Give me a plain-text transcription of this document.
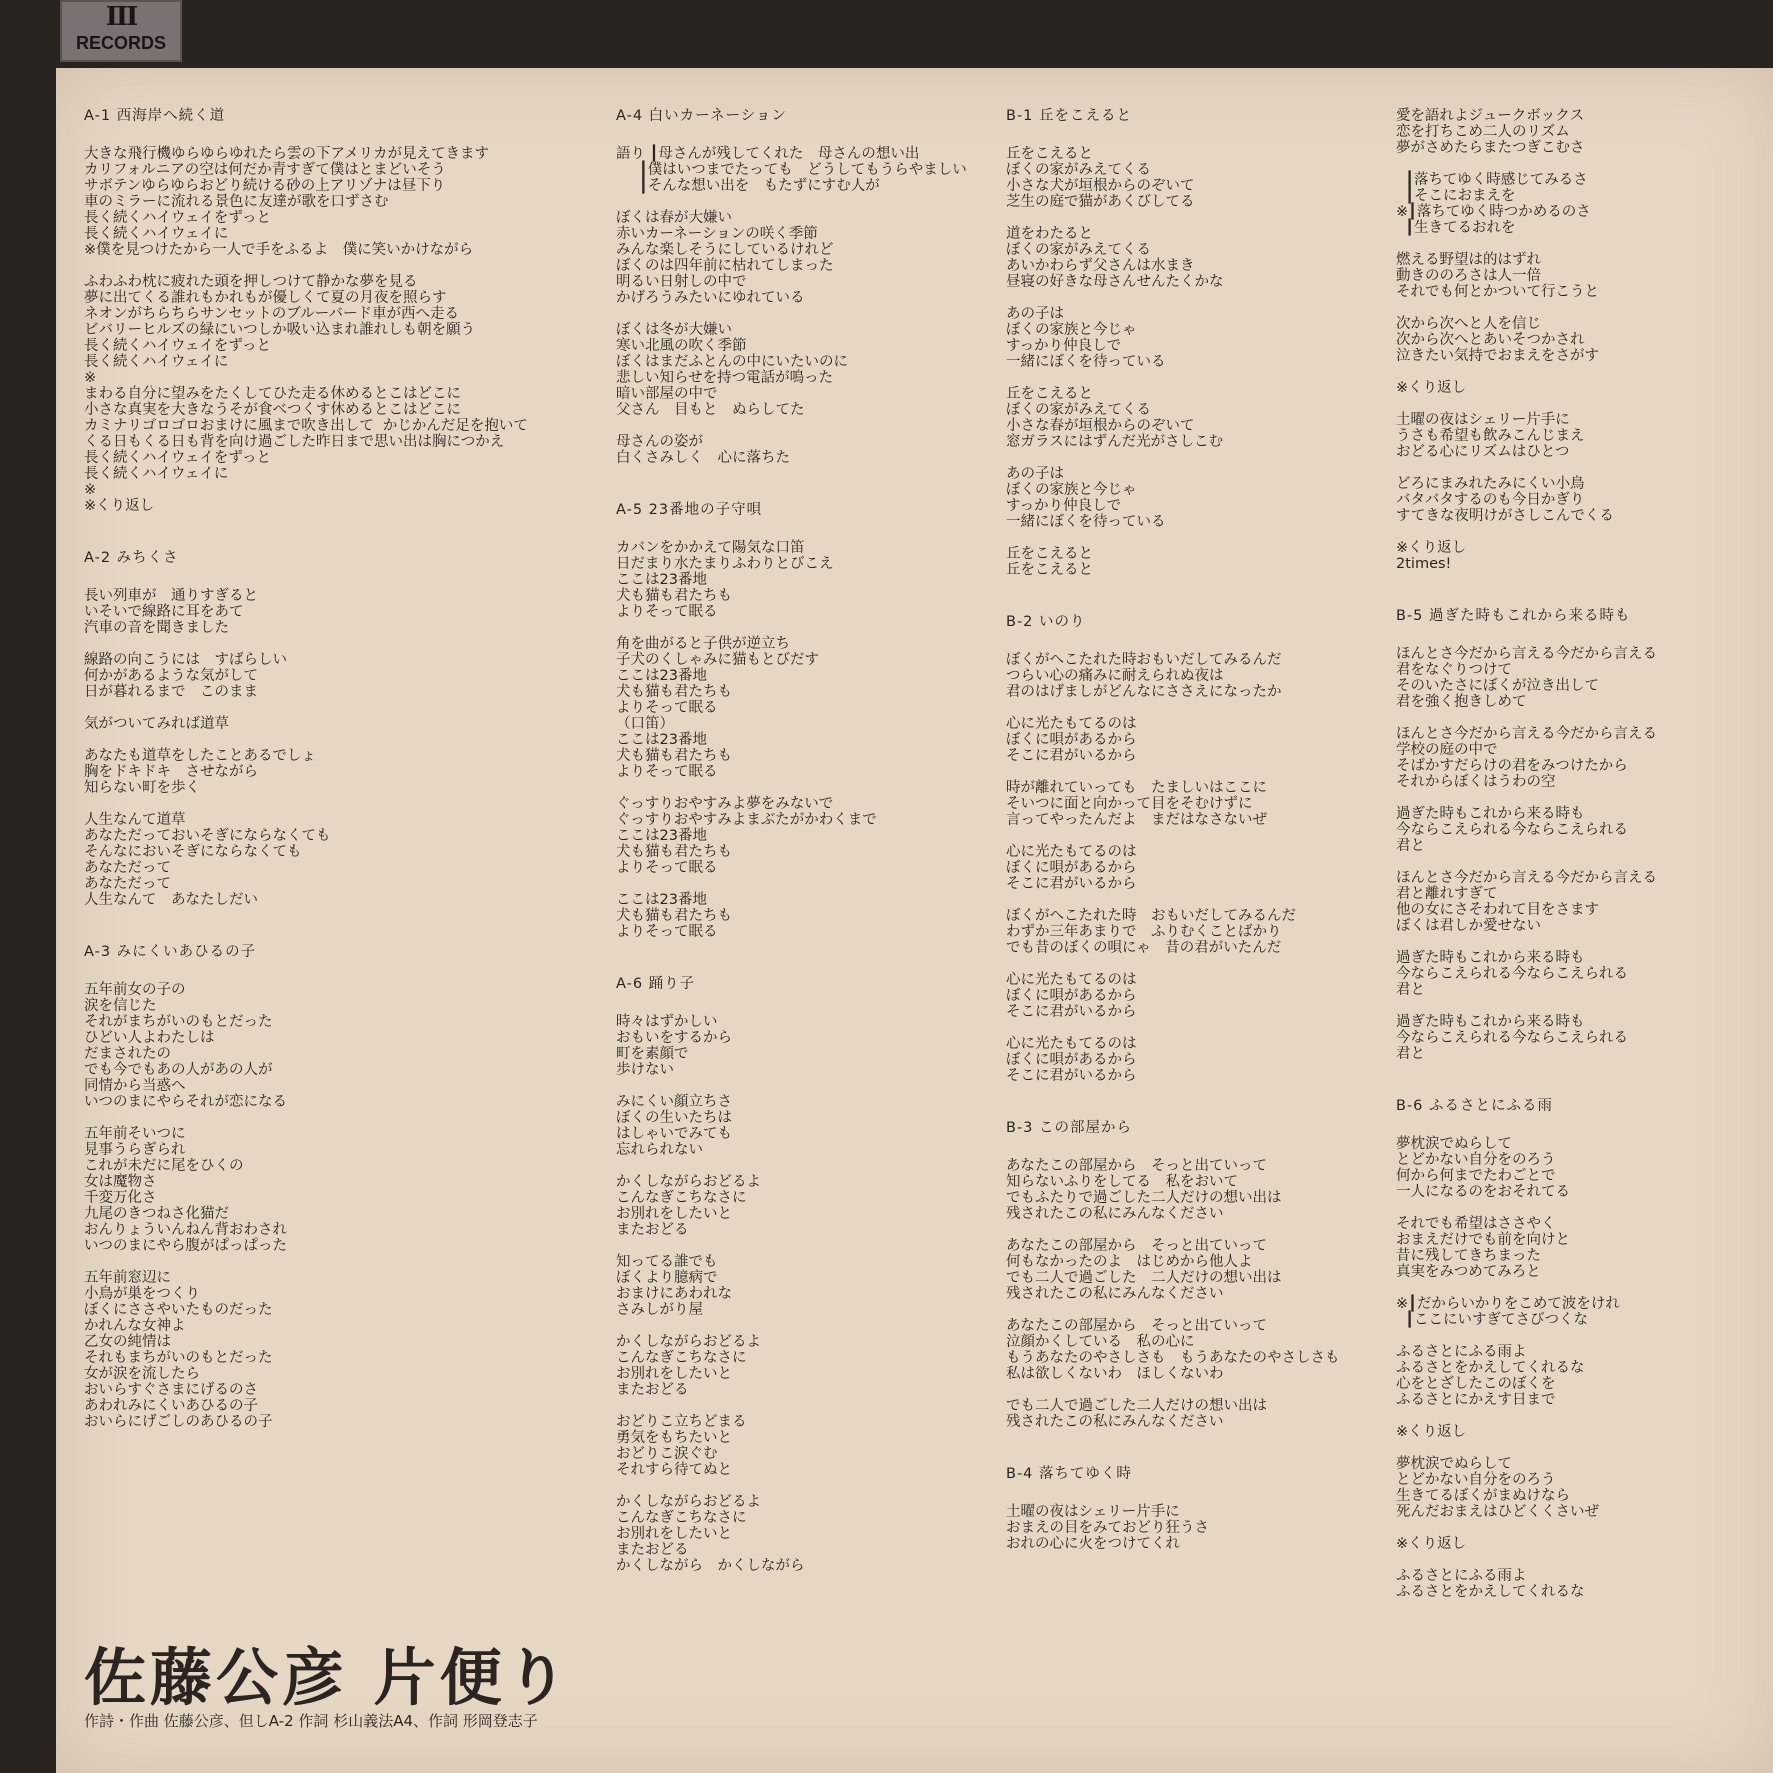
𝐈𝐈𝐈
RECORDS
A-1 西海岸へ続く道
大きな飛行機ゆらゆらゆれたら雲の下アメリカが見えてきます
カリフォルニアの空は何だか青すぎて僕はとまどいそう
サボテンゆらゆらおどり続ける砂の上アリゾナは昼下り
車のミラーに流れる景色に友達が歌を口ずさむ
長く続くハイウェイをずっと
長く続くハイウェイに
※僕を見つけたから一人で手をふるよ　僕に笑いかけながら
ふわふわ枕に疲れた頭を押しつけて静かな夢を見る
夢に出てくる誰れもかれもが優しくて夏の月夜を照らす
ネオンがちらちらサンセットのブルーバード車が西へ走る
ビバリーヒルズの緑にいつしか吸い込まれ誰れしも朝を願う
長く続くハイウェイをずっと
長く続くハイウェイに
※
まわる自分に望みをたくしてひた走る休めるとこはどこに
小さな真実を大きなうそが食べつくす休めるとこはどこに
カミナリゴロゴロおまけに風まで吹き出して  かじかんだ足を抱いて
くる日もくる日も背を向け過ごした昨日まで思い出は胸につかえ
長く続くハイウェイをずっと
長く続くハイウェイに
※
※くり返し
A-2 みちくさ
長い列車が　通りすぎると
いそいで線路に耳をあて
汽車の音を聞きました
線路の向こうには　すばらしい
何かがあるような気がして
日が暮れるまで　このまま
気がついてみれば道草
あなたも道草をしたことあるでしょ
胸をドキドキ　させながら
知らない町を歩く
人生なんて道草
あなただっておいそぎにならなくても
そんなにおいそぎにならなくても
あなただって
あなただって
人生なんて　あなたしだい
A-3 みにくいあひるの子
五年前女の子の
涙を信じた
それがまちがいのもとだった
ひどい人よわたしは
だまされたの
でも今でもあの人があの人が
同情から当惑へ
いつのまにやらそれが恋になる
五年前そいつに
見事うらぎられ
これが未だに尾をひくの
女は魔物さ
千変万化さ
九尾のきつねさ化猫だ
おんりょういんねん背おわされ
いつのまにやら腹がぱっぱった
五年前窓辺に
小鳥が巣をつくり
ぼくにささやいたものだった
かれんな女神よ
乙女の純情は
それもまちがいのもとだった
女が涙を流したら
おいらすぐさまにげるのさ
あわれみにくいあひるの子
おいらにげごしのあひるの子
A-4 白いカーネーション
語り ┃母さんが残してくれた　母さんの想い出
┃僕はいつまでたっても　どうしてもうらやましい
┃そんな想い出を　もたずにすむ人が
ぼくは春が大嫌い
赤いカーネーションの咲く季節
みんな楽しそうにしているけれど
ぼくのは四年前に枯れてしまった
明るい日射しの中で
かげろうみたいにゆれている
ぼくは冬が大嫌い
寒い北風の吹く季節
ぼくはまだふとんの中にいたいのに
悲しい知らせを持つ電話が鳴った
暗い部屋の中で
父さん　目もと　ぬらしてた
母さんの姿が
白くさみしく　心に落ちた
A-5 23番地の子守唄
カバンをかかえて陽気な口笛
日だまり水たまりふわりとびこえ
ここは23番地
犬も猫も君たちも
よりそって眠る
角を曲がると子供が逆立ち
子犬のくしゃみに猫もとびだす
ここは23番地
犬も猫も君たちも
よりそって眠る
（口笛）
ここは23番地
犬も猫も君たちも
よりそって眠る
ぐっすりおやすみよ夢をみないで
ぐっすりおやすみよまぶたがかわくまで
ここは23番地
犬も猫も君たちも
よりそって眠る
ここは23番地
犬も猫も君たちも
よりそって眠る
A-6 踊り子
時々はずかしい
おもいをするから
町を素顔で
歩けない
みにくい顔立ちさ
ぼくの生いたちは
はしゃいでみても
忘れられない
かくしながらおどるよ
こんなぎこちなさに
お別れをしたいと
またおどる
知ってる誰でも
ぼくより臆病で
おまけにあわれな
さみしがり屋
かくしながらおどるよ
こんなぎこちなさに
お別れをしたいと
またおどる
おどりこ立ちどまる
勇気をもちたいと
おどりこ涙ぐむ
それすら待てぬと
かくしながらおどるよ
こんなぎこちなさに
お別れをしたいと
またおどる
かくしながら　かくしながら
B-1 丘をこえると
丘をこえると
ぼくの家がみえてくる
小さな犬が垣根からのぞいて
芝生の庭で猫があくびしてる
道をわたると
ぼくの家がみえてくる
あいかわらず父さんは水まき
昼寝の好きな母さんせんたくかな
あの子は
ぼくの家族と今じゃ
すっかり仲良しで
一緒にぼくを待っている
丘をこえると
ぼくの家がみえてくる
小さな春が垣根からのぞいて
窓ガラスにはずんだ光がさしこむ
あの子は
ぼくの家族と今じゃ
すっかり仲良しで
一緒にぼくを待っている
丘をこえると
丘をこえると
B-2 いのり
ぼくがへこたれた時おもいだしてみるんだ
つらい心の痛みに耐えられぬ夜は
君のはげましがどんなにささえになったか
心に光たもてるのは
ぼくに唄があるから
そこに君がいるから
時が離れていっても　たましいはここに
そいつに面と向かって目をそむけずに
言ってやったんだよ　まだはなさないぜ
心に光たもてるのは
ぼくに唄があるから
そこに君がいるから
ぼくがへこたれた時　おもいだしてみるんだ
わずか三年あまりで　ふりむくことばかり
でも昔のぼくの唄にゃ　昔の君がいたんだ
心に光たもてるのは
ぼくに唄があるから
そこに君がいるから
心に光たもてるのは
ぼくに唄があるから
そこに君がいるから
B-3 この部屋から
あなたこの部屋から　そっと出ていって
知らないふりをしてる　私をおいて
でもふたりで過ごした二人だけの想い出は
残されたこの私にみんなください
あなたこの部屋から　そっと出ていって
何もなかったのよ　はじめから他人よ
でも二人で過ごした　二人だけの想い出は
残されたこの私にみんなください
あなたこの部屋から　そっと出ていって
泣顔かくしている　私の心に
もうあなたのやさしさも　もうあなたのやさしさも
私は欲しくないわ　ほしくないわ
でも二人で過ごした二人だけの想い出は
残されたこの私にみんなください
B-4 落ちてゆく時
土曜の夜はシェリー片手に
おまえの目をみておどり狂うさ
おれの心に火をつけてくれ
愛を語れよジュークボックス
恋を打ちこめ二人のリズム
夢がさめたらまたつぎこむさ
┃落ちてゆく時感じてみるさ
┃そこにおまえを
※┃落ちてゆく時つかめるのさ
┃生きてるおれを
燃える野望は的はずれ
動きののろさは人一倍
それでも何とかついて行こうと
次から次へと人を信じ
次から次へとあいそつかされ
泣きたい気持でおまえをさがす
※くり返し
土曜の夜はシェリー片手に
うさも希望も飲みこんじまえ
おどる心にリズムはひとつ
どろにまみれたみにくい小鳥
バタバタするのも今日かぎり
すてきな夜明けがさしこんでくる
※くり返し
2times!
B-5 過ぎた時もこれから来る時も
ほんとさ今だから言える今だから言える
君をなぐりつけて
そのいたさにぼくが泣き出して
君を強く抱きしめて
ほんとさ今だから言える今だから言える
学校の庭の中で
そばかすだらけの君をみつけたから
それからぼくはうわの空
過ぎた時もこれから来る時も
今ならこえられる今ならこえられる
君と
ほんとさ今だから言える今だから言える
君と離れすぎて
他の女にさそわれて目をさます
ぼくは君しか愛せない
過ぎた時もこれから来る時も
今ならこえられる今ならこえられる
君と
過ぎた時もこれから来る時も
今ならこえられる今ならこえられる
君と
B-6 ふるさとにふる雨
夢枕涙でぬらして
とどかない自分をのろう
何から何までたわごとで
一人になるのをおそれてる
それでも希望はささやく
おまえだけでも前を向けと
昔に残してきちまった
真実をみつめてみろと
※┃だからいかりをこめて波をけれ
┃ここにいすぎてさびつくな
ふるさとにふる雨よ
ふるさとをかえしてくれるな
心をとざしたこのぼくを
ふるさとにかえす日まで
※くり返し
夢枕涙でぬらして
とどかない自分をのろう
生きてるぼくがまぬけなら
死んだおまえはひどくくさいぜ
※くり返し
ふるさとにふる雨よ
ふるさとをかえしてくれるな
佐藤公彦 片便り
作詩・作曲 佐藤公彦、但しA-2 作詞 杉山義法A4、作詞 形岡登志子
